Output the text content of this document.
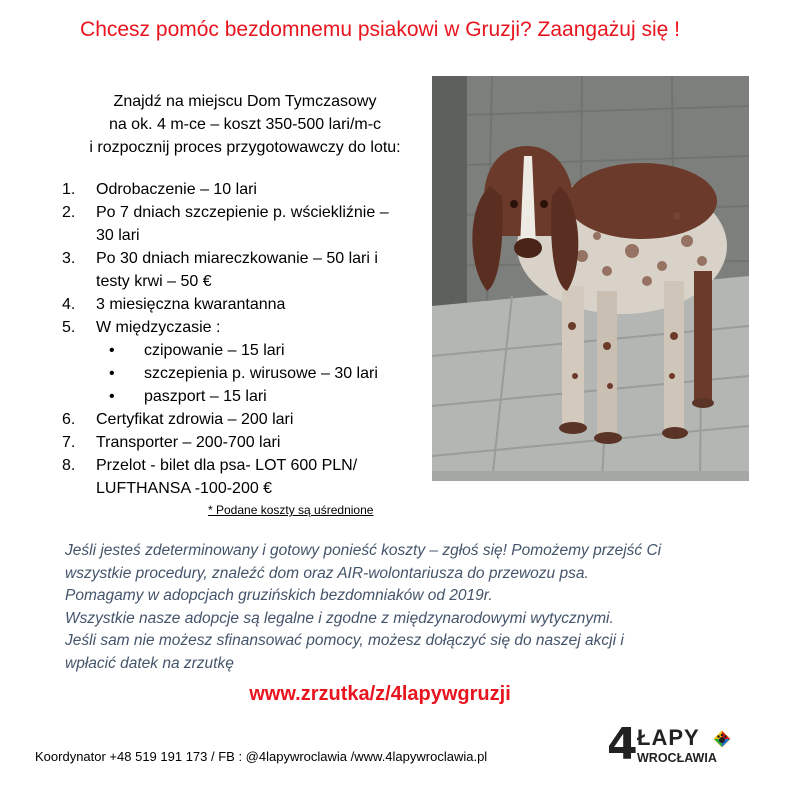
Chcesz pomóc bezdomnemu psiakowi w Gruzji? Zaangażuj się !
Znajdź na miejscu Dom Tymczasowy
na ok. 4 m-ce – koszt 350-500 lari/m-c
i rozpocznij proces przygotowawczy do lotu:
1. Odrobaczenie – 10 lari
2. Po 7 dniach szczepienie p. wściekliźnie –
30 lari
3. Po 30 dniach miareczkowanie – 50 lari i
testy krwi – 50 €
4. 3 miesięczna kwarantanna
5. W międzyczasie :
• czipowanie – 15 lari
• szczepienia p. wirusowe – 30 lari
• paszport – 15 lari
6. Certyfikat zdrowia – 200 lari
7. Transporter – 200-700 lari
8. Przelot - bilet dla psa- LOT 600 PLN/
LUFTHANSA -100-200 €
* Podane koszty są uśrednione
Jeśli jesteś zdeterminowany i gotowy ponieść koszty – zgłoś się! Pomożemy przejść Ci
wszystkie procedury, znaleźć dom oraz AIR-wolontariusza do przewozu psa.
Pomagamy w adopcjach gruzińskich bezdomniaków od 2019r.
Wszystkie nasze adopcje są legalne i zgodne z międzynarodowymi wytycznymi.
Jeśli sam nie możesz sfinansować pomocy, możesz dołączyć się do naszej akcji i
wpłacić datek na zrzutkę
www.zrzutka/z/4lapywgruzji
Koordynator +48 519 191 173 / FB : @4lapywroclawia /www.4lapywroclawia.pl	4 ŁAPY
WROCŁAWIA
